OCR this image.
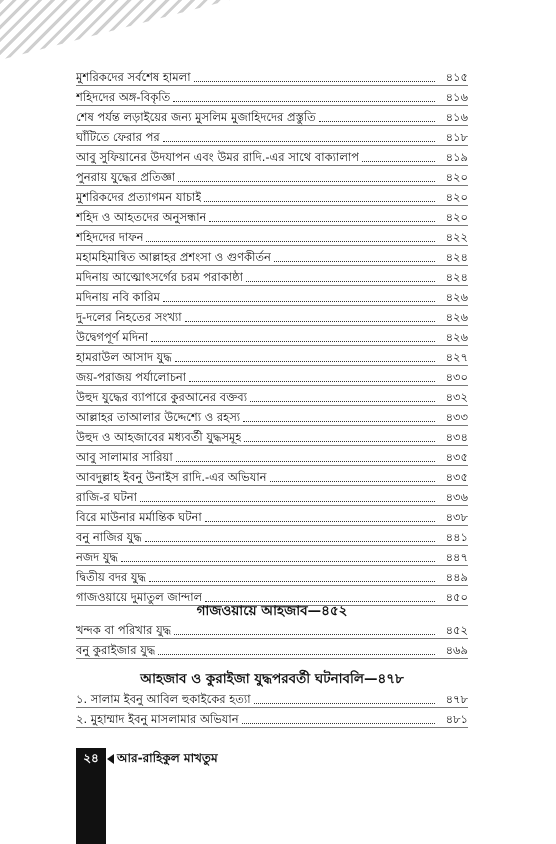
মুশরিকদের সর্বশেষ হামলা	৪১৫
শহিদদের অঙ্গ-বিকৃতি	৪১৬
শেষ পর্যন্ত লড়াইয়ের জন্য মুসলিম মুজাহিদদের প্রস্তুতি	৪১৬
ঘাঁটিতে ফেরার পর	৪১৮
আবু সুফিয়ানের উদযাপন এবং উমর রাদি.-এর সাথে বাক্যালাপ	৪১৯
পুনরায় যুদ্ধের প্রতিজ্ঞা	৪২০
মুশরিকদের প্রত্যাগমন যাচাই	৪২০
শহিদ ও আহতদের অনুসন্ধান	৪২০
শহিদদের দাফন	৪২২
মহামহিমান্বিত আল্লাহর প্রশংসা ও গুণকীর্তন	৪২৪
মদিনায় আত্মোৎসর্গের চরম পরাকাষ্ঠা	৪২৪
মদিনায় নবি কারিম	৪২৬
দু-দলের নিহতের সংখ্যা	৪২৬
উদ্বেগপূর্ণ মদিনা	৪২৬
হামরাউল আসাদ যুদ্ধ	৪২৭
জয়-পরাজয় পর্যালোচনা	৪৩০
উহুদ যুদ্ধের ব্যাপারে কুরআনের বক্তব্য	৪৩২
আল্লাহর তাআলার উদ্দেশ্যে ও রহস্য	৪৩৩
উহুদ ও আহজাবের মধ্যবর্তী যুদ্ধসমূহ	৪৩৪
আবু সালামার সারিয়া	৪৩৫
আবদুল্লাহ ইবনু উনাইস রাদি.-এর অভিযান	৪৩৫
রাজি-র ঘটনা	৪৩৬
বিরে মাউনার মর্মান্তিক ঘটনা	৪৩৮
বনু নাজির যুদ্ধ	৪৪১
নজদ যুদ্ধ	৪৪৭
দ্বিতীয় বদর যুদ্ধ	৪৪৯
গাজওয়ায়ে দুমাতুল জান্দাল	৪৫০
গাজওয়ায়ে আহজাব—৪৫২
খন্দক বা পরিখার যুদ্ধ	৪৫২
বনু কুরাইজার যুদ্ধ	৪৬৯
আহজাব ও কুরাইজা যুদ্ধপরবর্তী ঘটনাবলি—৪৭৮
১. সালাম ইবনু আবিল হুকাইকের হত্যা	৪৭৮
২. মুহাম্মাদ ইবনু মাসলামার অভিযান	৪৮১
২৪	আর-রাহিকুল মাখতুম
